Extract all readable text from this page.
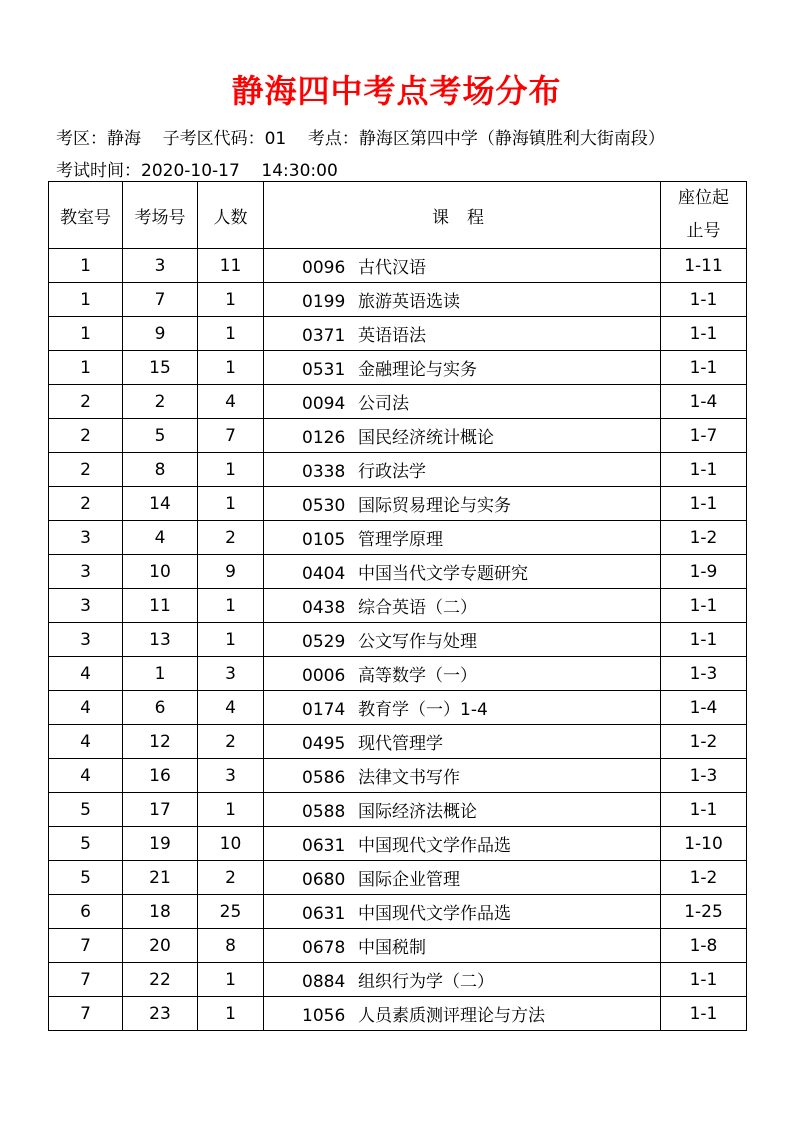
静海四中考点考场分布
考区：静海    子考区代码：01    考点：静海区第四中学（静海镇胜利大街南段）
考试时间：2020-10-17    14:30:00
教室号	考场号	人数	课程	座位起
止号
1	3	11	0096 古代汉语	1-11
1	7	1	0199 旅游英语选读	1-1
1	9	1	0371 英语语法	1-1
1	15	1	0531 金融理论与实务	1-1
2	2	4	0094 公司法	1-4
2	5	7	0126 国民经济统计概论	1-7
2	8	1	0338 行政法学	1-1
2	14	1	0530 国际贸易理论与实务	1-1
3	4	2	0105 管理学原理	1-2
3	10	9	0404 中国当代文学专题研究	1-9
3	11	1	0438 综合英语（二）	1-1
3	13	1	0529 公文写作与处理	1-1
4	1	3	0006 高等数学（一）	1-3
4	6	4	0174 教育学（一）1-4	1-4
4	12	2	0495 现代管理学	1-2
4	16	3	0586 法律文书写作	1-3
5	17	1	0588 国际经济法概论	1-1
5	19	10	0631 中国现代文学作品选	1-10
5	21	2	0680 国际企业管理	1-2
6	18	25	0631 中国现代文学作品选	1-25
7	20	8	0678 中国税制	1-8
7	22	1	0884 组织行为学（二）	1-1
7	23	1	1056 人员素质测评理论与方法	1-1
